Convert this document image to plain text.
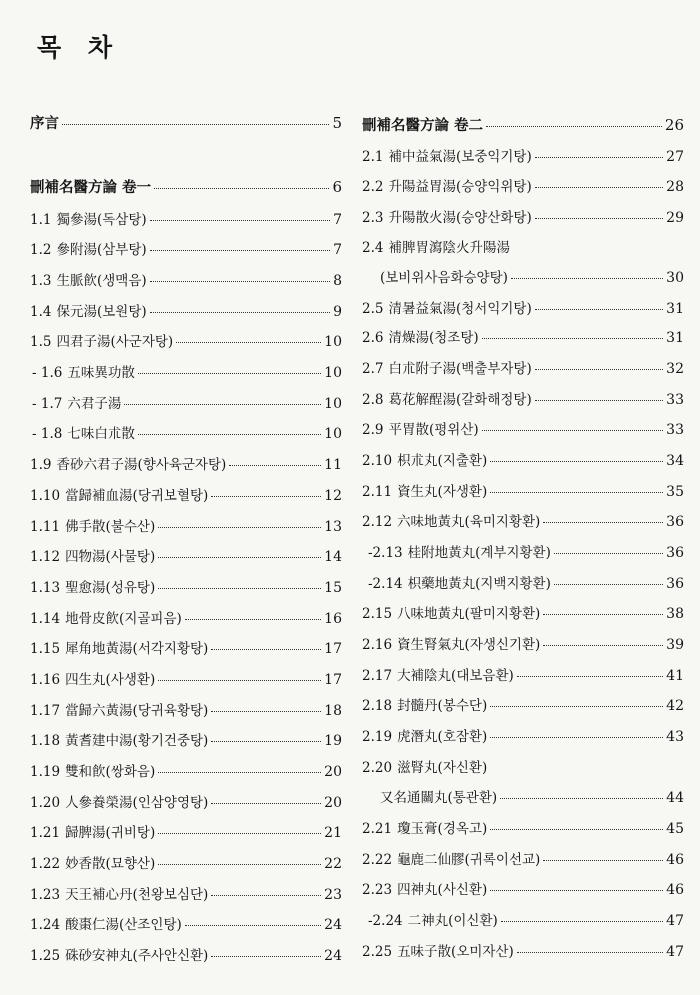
목 차
序言	5
刪補名醫方論 卷一	6
1.1 獨參湯(독삼탕)	7
1.2 參附湯(삼부탕)	7
1.3 生脈飮(생맥음)	8
1.4 保元湯(보원탕)	9
1.5 四君子湯(사군자탕)	10
- 1.6 五味異功散	10
- 1.7 六君子湯	10
- 1.8 七味白朮散	10
1.9 香砂六君子湯(향사육군자탕)	11
1.10 當歸補血湯(당귀보혈탕)	12
1.11 佛手散(불수산)	13
1.12 四物湯(사물탕)	14
1.13 聖愈湯(성유탕)	15
1.14 地骨皮飮(지골피음)	16
1.15 犀角地黃湯(서각지황탕)	17
1.16 四生丸(사생환)	17
1.17 當歸六黃湯(당귀육황탕)	18
1.18 黃耆建中湯(황기건중탕)	19
1.19 雙和飮(쌍화음)	20
1.20 人參養榮湯(인삼양영탕)	20
1.21 歸脾湯(귀비탕)	21
1.22 妙香散(묘향산)	22
1.23 天王補心丹(천왕보심단)	23
1.24 酸棗仁湯(산조인탕)	24
1.25 硃砂安神丸(주사안신환)	24
刪補名醫方論 卷二	26
2.1 補中益氣湯(보중익기탕)	27
2.2 升陽益胃湯(승양익위탕)	28
2.3 升陽散火湯(승양산화탕)	29
2.4 補脾胃瀉陰火升陽湯
(보비위사음화승양탕)	30
2.5 清暑益氣湯(청서익기탕)	31
2.6 清燥湯(청조탕)	31
2.7 白朮附子湯(백출부자탕)	32
2.8 葛花解酲湯(갈화해정탕)	33
2.9 平胃散(평위산)	33
2.10 枳朮丸(지출환)	34
2.11 資生丸(자생환)	35
2.12 六味地黃丸(육미지황환)	36
-2.13 桂附地黃丸(계부지황환)	36
-2.14 枳藥地黃丸(지백지황환)	36
2.15 八味地黃丸(팔미지황환)	38
2.16 資生腎氣丸(자생신기환)	39
2.17 大補陰丸(대보음환)	41
2.18 封髓丹(봉수단)	42
2.19 虎潛丸(호잠환)	43
2.20 滋腎丸(자신환)
又名通關丸(통관환)	44
2.21 瓊玉膏(경옥고)	45
2.22 龜鹿二仙膠(귀록이선교)	46
2.23 四神丸(사신환)	46
-2.24 二神丸(이신환)	47
2.25 五味子散(오미자산)	47
